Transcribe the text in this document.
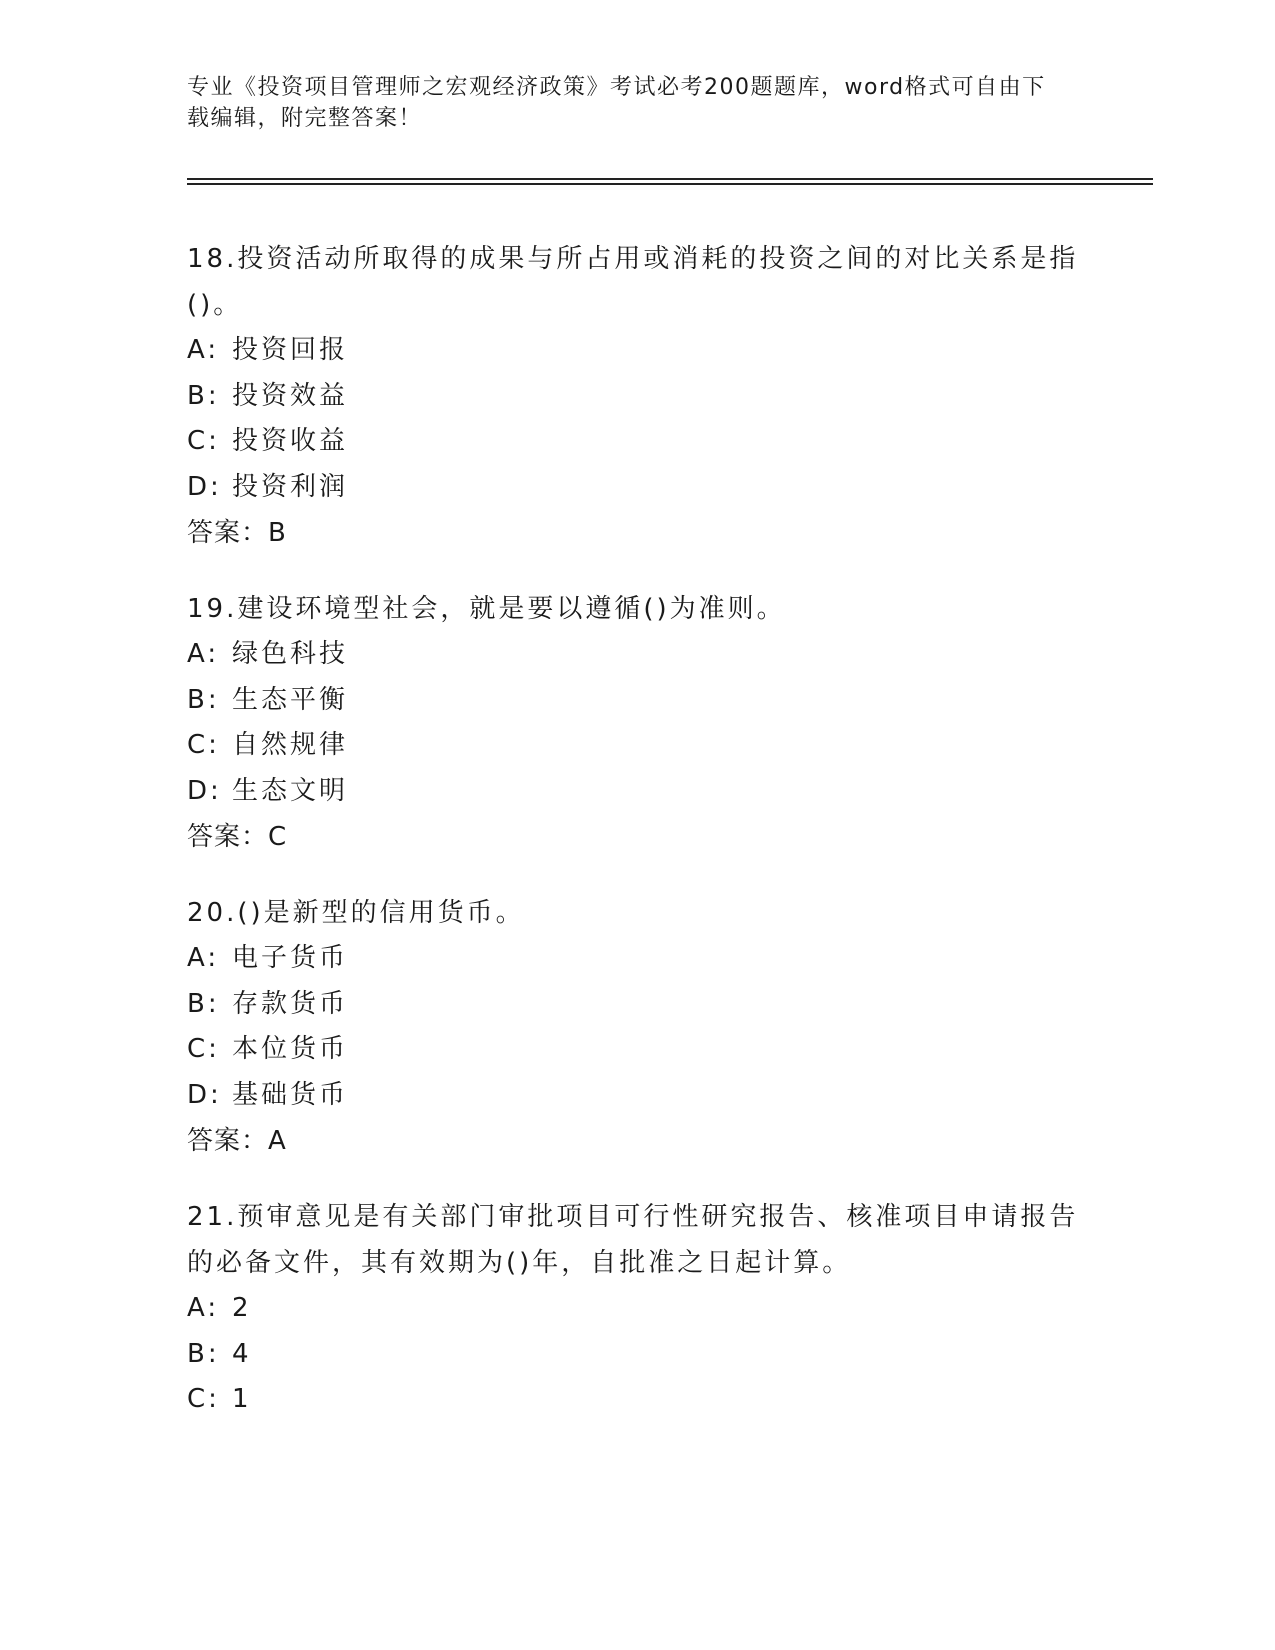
专业《投资项目管理师之宏观经济政策》考试必考200题题库，word格式可自由下载编辑，附完整答案！

18.投资活动所取得的成果与所占用或消耗的投资之间的对比关系是指()。

A: 投资回报

B: 投资效益

C: 投资收益

D: 投资利润

答案：B

19.建设环境型社会，就是要以遵循()为准则。

A: 绿色科技

B: 生态平衡

C: 自然规律

D: 生态文明

答案：C

20.()是新型的信用货币。

A: 电子货币

B: 存款货币

C: 本位货币

D: 基础货币

答案：A

21.预审意见是有关部门审批项目可行性研究报告、核准项目申请报告的必备文件，其有效期为()年，自批准之日起计算。

A: 2

B: 4

C: 1
